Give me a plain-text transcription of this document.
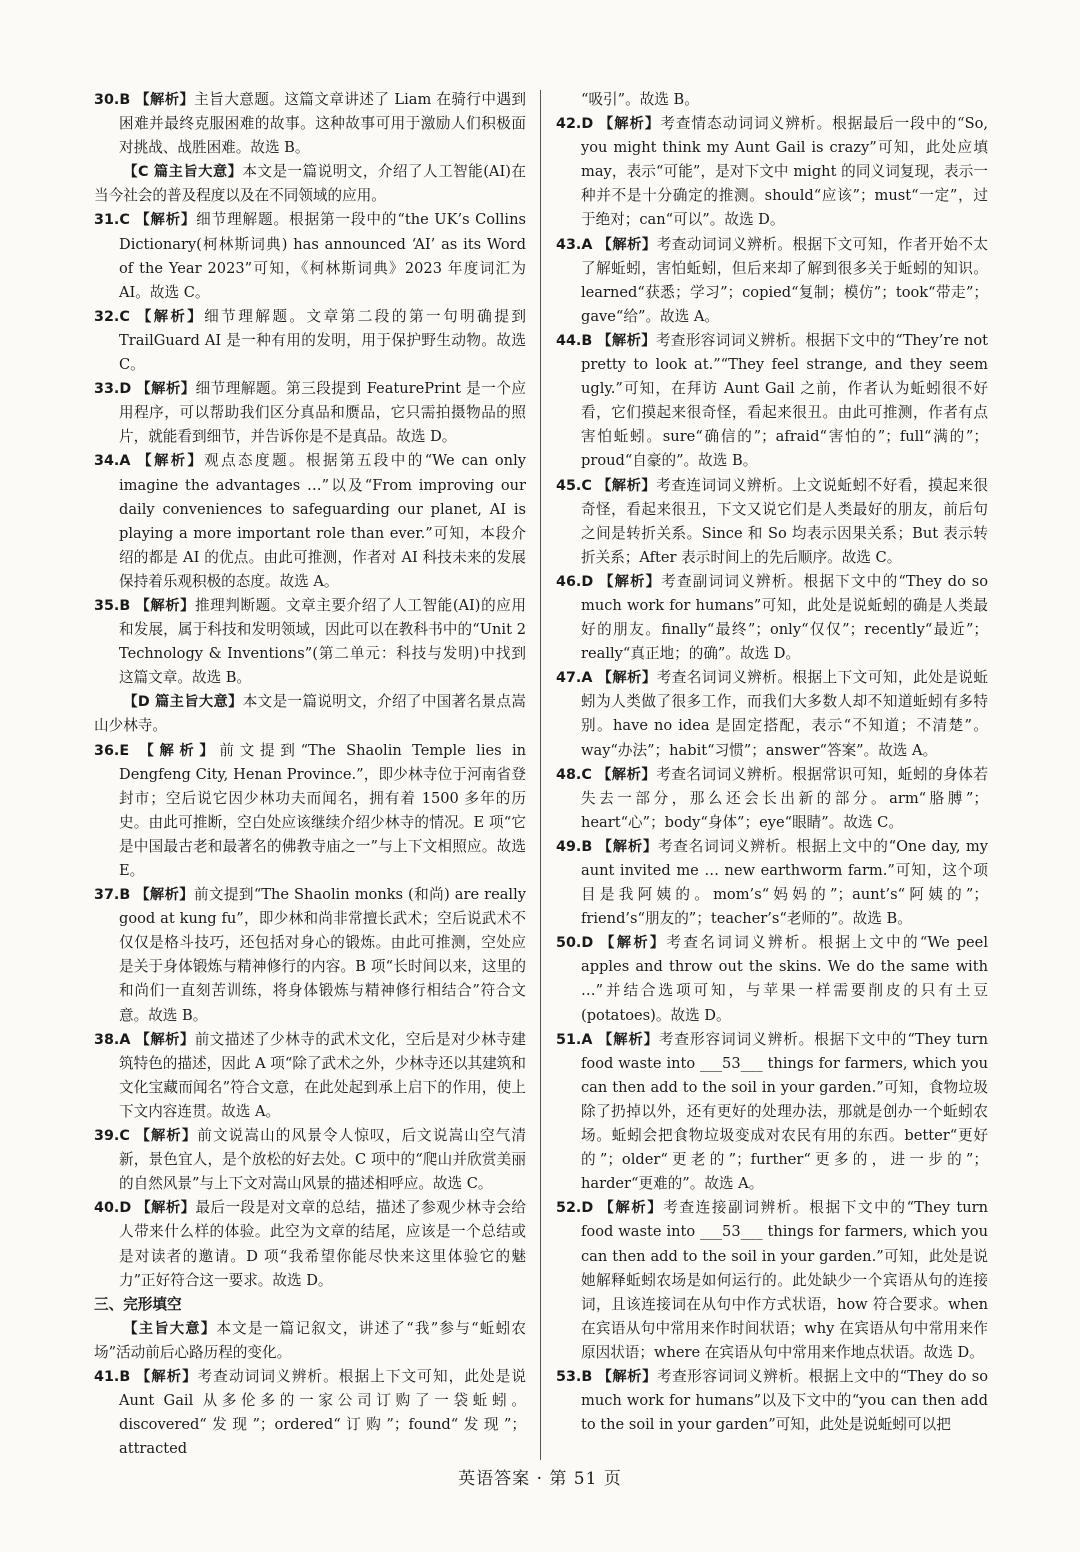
30.B 【解析】主旨大意题。这篇文章讲述了 Liam 在骑行中遇到困难并最终克服困难的故事。这种故事可用于激励人们积极面对挑战、战胜困难。故选 B。

【C 篇主旨大意】本文是一篇说明文，介绍了人工智能(AI)在当今社会的普及程度以及在不同领域的应用。

31.C 【解析】细节理解题。根据第一段中的“the UK’s Collins Dictionary(柯林斯词典) has announced ‘AI’ as its Word of the Year 2023”可知，《柯林斯词典》2023 年度词汇为 AI。故选 C。

32.C 【解析】细节理解题。文章第二段的第一句明确提到 TrailGuard AI 是一种有用的发明，用于保护野生动物。故选 C。

33.D 【解析】细节理解题。第三段提到 FeaturePrint 是一个应用程序，可以帮助我们区分真品和赝品，它只需拍摄物品的照片，就能看到细节，并告诉你是不是真品。故选 D。

34.A 【解析】观点态度题。根据第五段中的“We can only imagine the advantages …”以及“From improving our daily conveniences to safeguarding our planet, AI is playing a more important role than ever.”可知，本段介绍的都是 AI 的优点。由此可推测，作者对 AI 科技未来的发展保持着乐观积极的态度。故选 A。

35.B 【解析】推理判断题。文章主要介绍了人工智能(AI)的应用和发展，属于科技和发明领域，因此可以在教科书中的“Unit 2 Technology & Inventions”(第二单元：科技与发明)中找到这篇文章。故选 B。

【D 篇主旨大意】本文是一篇说明文，介绍了中国著名景点嵩山少林寺。

36.E 【解析】前文提到“The Shaolin Temple lies in Dengfeng City, Henan Province.”，即少林寺位于河南省登封市；空后说它因少林功夫而闻名，拥有着 1500 多年的历史。由此可推断，空白处应该继续介绍少林寺的情况。E 项“它是中国最古老和最著名的佛教寺庙之一”与上下文相照应。故选 E。

37.B 【解析】前文提到“The Shaolin monks (和尚) are really good at kung fu”，即少林和尚非常擅长武术；空后说武术不仅仅是格斗技巧，还包括对身心的锻炼。由此可推测，空处应是关于身体锻炼与精神修行的内容。B 项“长时间以来，这里的和尚们一直刻苦训练，将身体锻炼与精神修行相结合”符合文意。故选 B。

38.A 【解析】前文描述了少林寺的武术文化，空后是对少林寺建筑特色的描述，因此 A 项“除了武术之外，少林寺还以其建筑和文化宝藏而闻名”符合文意，在此处起到承上启下的作用，使上下文内容连贯。故选 A。

39.C 【解析】前文说嵩山的风景令人惊叹，后文说嵩山空气清新，景色宜人，是个放松的好去处。C 项中的“爬山并欣赏美丽的自然风景”与上下文对嵩山风景的描述相呼应。故选 C。

40.D 【解析】最后一段是对文章的总结，描述了参观少林寺会给人带来什么样的体验。此空为文章的结尾，应该是一个总结或是对读者的邀请。D 项“我希望你能尽快来这里体验它的魅力”正好符合这一要求。故选 D。

三、完形填空

【主旨大意】本文是一篇记叙文，讲述了“我”参与“蚯蚓农场”活动前后心路历程的变化。

41.B 【解析】考查动词词义辨析。根据上下文可知，此处是说 Aunt Gail 从多伦多的一家公司订购了一袋蚯蚓。discovered“发现”；ordered“订购”；found“发现”；attracted

“吸引”。故选 B。

42.D 【解析】考查情态动词词义辨析。根据最后一段中的“So, you might think my Aunt Gail is crazy”可知，此处应填 may，表示“可能”，是对下文中 might 的同义词复现，表示一种并不是十分确定的推测。should“应该”；must“一定”，过于绝对；can“可以”。故选 D。

43.A 【解析】考查动词词义辨析。根据下文可知，作者开始不太了解蚯蚓，害怕蚯蚓，但后来却了解到很多关于蚯蚓的知识。learned“获悉；学习”；copied“复制；模仿”；took“带走”；gave“给”。故选 A。

44.B 【解析】考查形容词词义辨析。根据下文中的“They’re not pretty to look at.”“They feel strange, and they seem ugly.”可知，在拜访 Aunt Gail 之前，作者认为蚯蚓很不好看，它们摸起来很奇怪，看起来很丑。由此可推测，作者有点害怕蚯蚓。sure“确信的”；afraid“害怕的”；full“满的”；proud“自豪的”。故选 B。

45.C 【解析】考查连词词义辨析。上文说蚯蚓不好看，摸起来很奇怪，看起来很丑，下文又说它们是人类最好的朋友，前后句之间是转折关系。Since 和 So 均表示因果关系；But 表示转折关系；After 表示时间上的先后顺序。故选 C。

46.D 【解析】考查副词词义辨析。根据下文中的“They do so much work for humans”可知，此处是说蚯蚓的确是人类最好的朋友。finally“最终”；only“仅仅”；recently“最近”；really“真正地；的确”。故选 D。

47.A 【解析】考查名词词义辨析。根据上下文可知，此处是说蚯蚓为人类做了很多工作，而我们大多数人却不知道蚯蚓有多特别。have no idea 是固定搭配，表示“不知道；不清楚”。way“办法”；habit“习惯”；answer“答案”。故选 A。

48.C 【解析】考查名词词义辨析。根据常识可知，蚯蚓的身体若失去一部分，那么还会长出新的部分。arm“胳膊”；heart“心”；body“身体”；eye“眼睛”。故选 C。

49.B 【解析】考查名词词义辨析。根据上文中的“One day, my aunt invited me … new earthworm farm.”可知，这个项目是我阿姨的。mom’s“妈妈的”；aunt’s“阿姨的”；friend’s“朋友的”；teacher’s“老师的”。故选 B。

50.D 【解析】考查名词词义辨析。根据上文中的“We peel apples and throw out the skins. We do the same with …”并结合选项可知，与苹果一样需要削皮的只有土豆(potatoes)。故选 D。

51.A 【解析】考查形容词词义辨析。根据下文中的“They turn food waste into ___53___ things for farmers, which you can then add to the soil in your garden.”可知，食物垃圾除了扔掉以外，还有更好的处理办法，那就是创办一个蚯蚓农场。蚯蚓会把食物垃圾变成对农民有用的东西。better“更好的”；older“更老的”；further“更多的，进一步的”；harder“更难的”。故选 A。

52.D 【解析】考查连接副词辨析。根据下文中的“They turn food waste into ___53___ things for farmers, which you can then add to the soil in your garden.”可知，此处是说她解释蚯蚓农场是如何运行的。此处缺少一个宾语从句的连接词，且该连接词在从句中作方式状语，how 符合要求。when 在宾语从句中常用来作时间状语；why 在宾语从句中常用来作原因状语；where 在宾语从句中常用来作地点状语。故选 D。

53.B 【解析】考查形容词词义辨析。根据上文中的“They do so much work for humans”以及下文中的“you can then add to the soil in your garden”可知，此处是说蚯蚓可以把

英语答案 · 第 51 页
